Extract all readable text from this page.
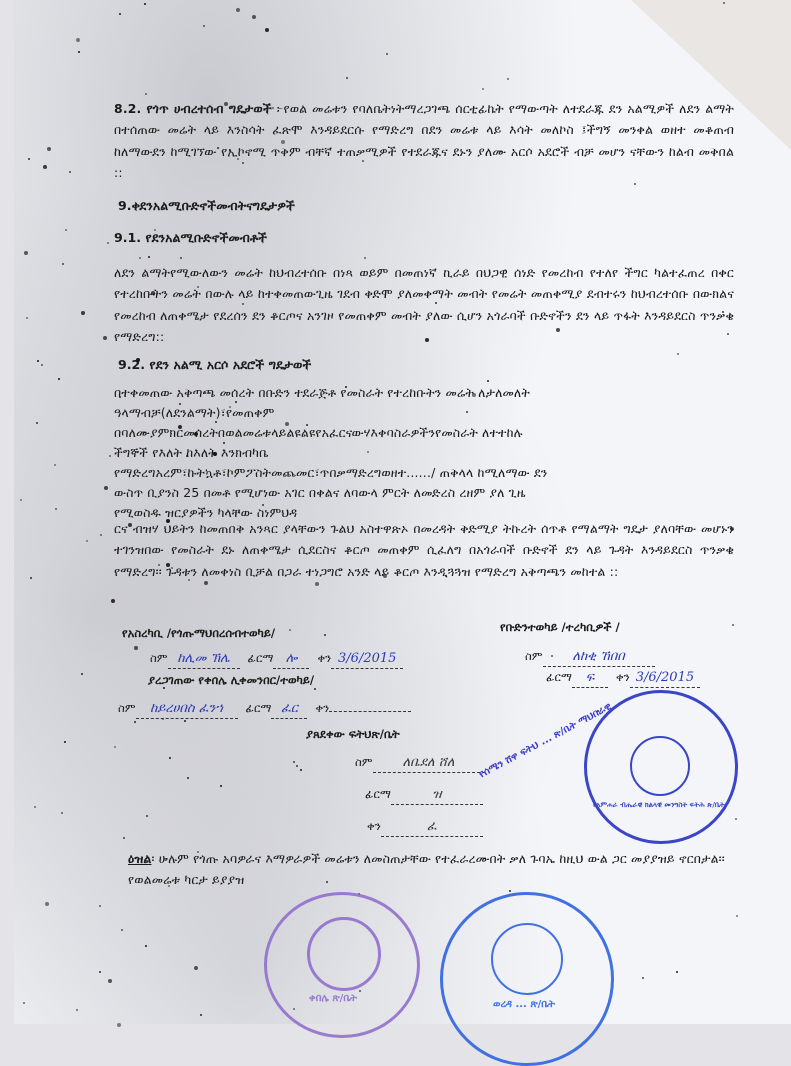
8.2. የጎጥ ሀብረተሰብ ግዴታወች ፦የወል መሬቱን የባለቤትነትማረጋገጫ ሰርቲፊኬት የማውጣት ለተደራጁ ደን አልሚዎች ለደን ልማት በተሰጠው መሬት ላይ እንስሳት ፈጽሞ እንዳይደርሱ የማድረግ በደን መሬቱ ላይ እሳት መለኮስ ፤ችግኝ መንቀል ወዘተ መቆጠብ ከለማውደን ከሚገኘው የኢኮኖሚ ጥቅም ብቸኛ ተጠቃሚዎች የተደራጁና ደኑን ያለሙ አርሶ አደሮች ብቻ መሆን ናቸውን ከልብ መቅበል ::
9.ቀደንአልሚቡድኖችመብትናግዴታዎች
9.1. የደንአልሚቡድኖችመብቶች
ለደን ልማትየሚውለውን መሬት ከህብረተሰቡ በነጻ ወይም በመጠነኛ ኪራይ በህጋዊ ሰነድ የመረከብ የተለየ ችግር ካልተፈጠረ በቀር የተረከቡትን መሬት በውሉ ላይ ከተቀመጠውጊዜ ገደብ ቀድሞ ያለመቀማት መብት የመሬት መጠቀሚያ ደብተሩን ከህብረተሰቡ በውክልና የመረከብ ለጠቀሜታ የደረሰን ደን ቆርጦና አንገዞ የመጠቀም መብት ያለው ሲሆን አጎራባች ቡድኖችን ደን ላይ ጥፋት እንዳይደርስ ጥንቃቄ የማድረግ::
9.2. የደን አልሚ አርሶ አደሮች ግዴታወች
በተቀመጠው አቅጣጫ መሰረት በቡድን ተደራጅቶ የመስራት የተረከቡትን መሬት ለታለመለት
ዓላማብቻ(ለደንልማት)፣የመጠቀም
በባለሙያምክርመሰረትበወልመሬቱላይልዩልዩየአፈርናውሃእቀባስራዎችንየመስራት ለተተከሉ
ችግኞች የእለት ከእለት እንክብካቤ
የማድረግአረም፣ኩትኳቶ፣ኮምፖስትመጨመር፣ጥበቃማድረግወዘተ....../ ጠቅላላ ከሚለማው ደን
ውስጥ ቢያንስ 25 በመቶ የሚሆነው አገር በቀልና ለባውላ ምርት ለመድረስ ረዘም ያለ ጊዜ
የሚወስዱ ዝርያዎችን ካላቸው ስነምህዳ
ርና ብዝሃ ህይትን ከመጠበቅ አንጻር ያላቸውን ጉልህ አስተዋጽኦ በመረዳት ቅድሚያ ትኩረት ሰጥቶ የማልማት ግዴታ ያለባቸው መሆኑን ተገንዝበው የመስራት ደኑ ለጠቀሜታ ሲደርስና ቆርጦ መጠቀም ሲፈለግ በአጎራባች ቡድኖች ደን ላይ ጉዳት እንዳይደርስ ጥንቃቄ የማድረግ፡፡ ጉዳቱን ለመቀነስ ቢቻል በጋራ ተነጋግሮ አንድ ላይ ቆርጦ እንዲጓጓዝ የማድረግ አቅጣጫን መከተል ::
የአስረካቢ /የጎጡማህበረሰብተወካይ/
ስም ከሊመ ኽሌ ፊርማ ሎ ቀን 3/6/2015
ያረጋገጠው የቀበሌ ሊቀመንበር/ተወካይ/
ስም ከይረሀበስ ፈንኀ ፊርማ ፈር ቀን
የቡድንተወካይ /ተረካቢዎች /
ስም ለከቂ ኸበበ
ፊርማ ፍ ቀን 3/6/2015
ያጸደቀው ፍትህጽ/ቤት
ስም ለቤደለ ሸለ
ፊርማ	ዝ
ቀን	ፈ
የሰሜን ሸዋ ፍትህ ... ጽ/ቤት ማህበራዊ
የአምሐራ ብሔራዊ ክልላዊ መንግስት ፍትሕ ጽ/ቤት
ዕዝል፡ ሁሉም የጎጡ አባዎራና እማዎራዎች መሬቱን ለመስጠታቸው የተፈራረሙበት ቃለ ጉባኤ ከዚህ ውል ጋር መያያዝይ ኖርበታል፡፡ የወልመሬቱ ካርታ ይያያዝ
ቀበሌ ጽ/ቤት
ወረዳ ... ጽ/ቤት
